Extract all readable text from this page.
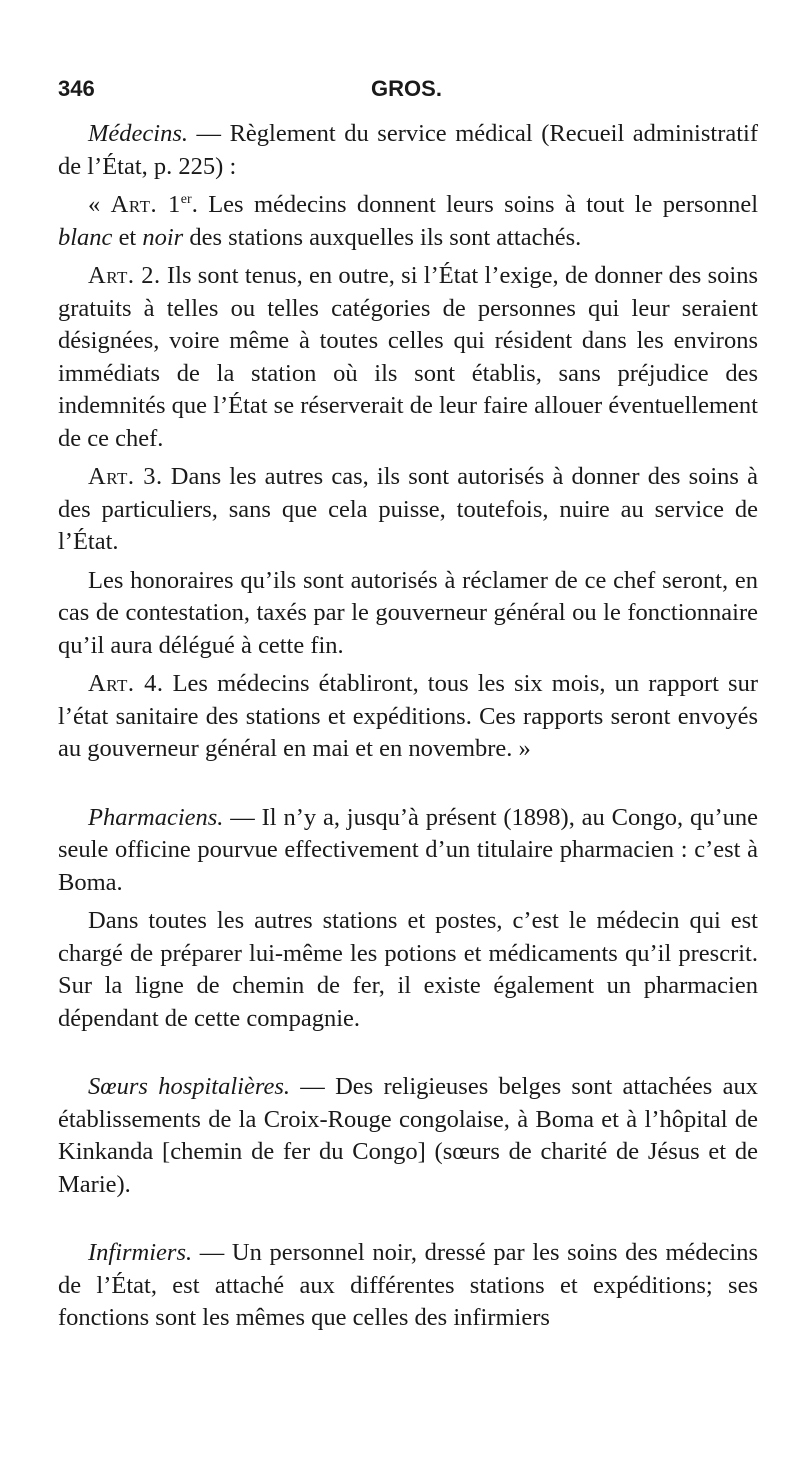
346	GROS.

Médecins. — Règlement du service médical (Recueil administratif de l’État, p. 225) :

« Art. 1er. Les médecins donnent leurs soins à tout le personnel blanc et noir des stations auxquelles ils sont attachés.

Art. 2. Ils sont tenus, en outre, si l’État l’exige, de donner des soins gratuits à telles ou telles catégories de personnes qui leur seraient désignées, voire même à toutes celles qui résident dans les environs immédiats de la station où ils sont établis, sans préjudice des indemnités que l’État se réserverait de leur faire allouer éventuellement de ce chef.

Art. 3. Dans les autres cas, ils sont autorisés à donner des soins à des particuliers, sans que cela puisse, toutefois, nuire au service de l’État.

Les honoraires qu’ils sont autorisés à réclamer de ce chef seront, en cas de contestation, taxés par le gouverneur général ou le fonctionnaire qu’il aura délégué à cette fin.

Art. 4. Les médecins établiront, tous les six mois, un rapport sur l’état sanitaire des stations et expéditions. Ces rapports seront envoyés au gouverneur général en mai et en novembre. »

Pharmaciens. — Il n’y a, jusqu’à présent (1898), au Congo, qu’une seule officine pourvue effectivement d’un titulaire pharmacien : c’est à Boma.

Dans toutes les autres stations et postes, c’est le médecin qui est chargé de préparer lui-même les potions et médicaments qu’il prescrit. Sur la ligne de chemin de fer, il existe également un pharmacien dépendant de cette compagnie.

Sœurs hospitalières. — Des religieuses belges sont attachées aux établissements de la Croix-Rouge congolaise, à Boma et à l’hôpital de Kinkanda [chemin de fer du Congo] (sœurs de charité de Jésus et de Marie).

Infirmiers. — Un personnel noir, dressé par les soins des médecins de l’État, est attaché aux différentes stations et expéditions; ses fonctions sont les mêmes que celles des infirmiers
